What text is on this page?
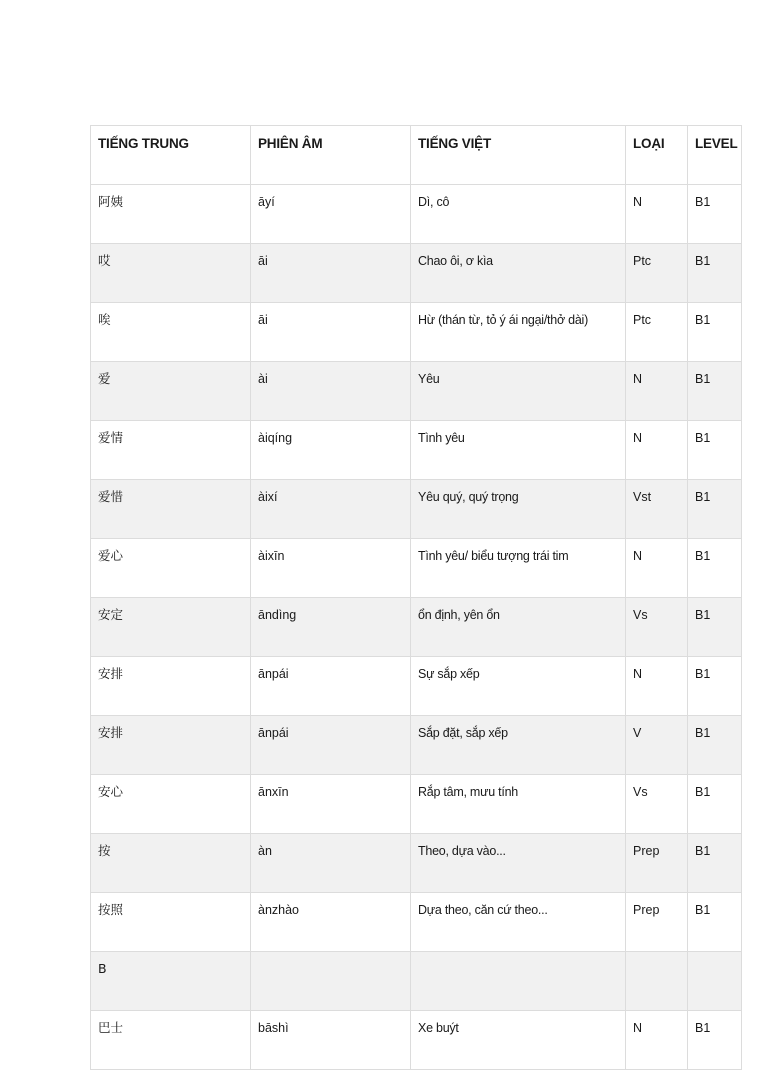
TIẾNG TRUNG	PHIÊN ÂM	TIẾNG VIỆT	LOẠI	LEVEL
阿姨	āyí	Dì, cô	N	B1
哎	āi	Chao ôi, ơ kìa	Ptc	B1
唉	āi	Hừ (thán từ, tỏ ý ái ngại/thở dài)	Ptc	B1
爱	ài	Yêu	N	B1
爱情	àiqíng	Tình yêu	N	B1
爱惜	àixí	Yêu quý, quý trọng	Vst	B1
爱心	àixīn	Tình yêu/ biểu tượng trái tim	N	B1
安定	āndìng	ổn định, yên ổn	Vs	B1
安排	ānpái	Sự sắp xếp	N	B1
安排	ānpái	Sắp đặt, sắp xếp	V	B1
安心	ānxīn	Rắp tâm, mưu tính	Vs	B1
按	àn	Theo, dựa vào...	Prep	B1
按照	ànzhào	Dựa theo, căn cứ theo...	Prep	B1
B				
巴士	bāshì	Xe buýt	N	B1
